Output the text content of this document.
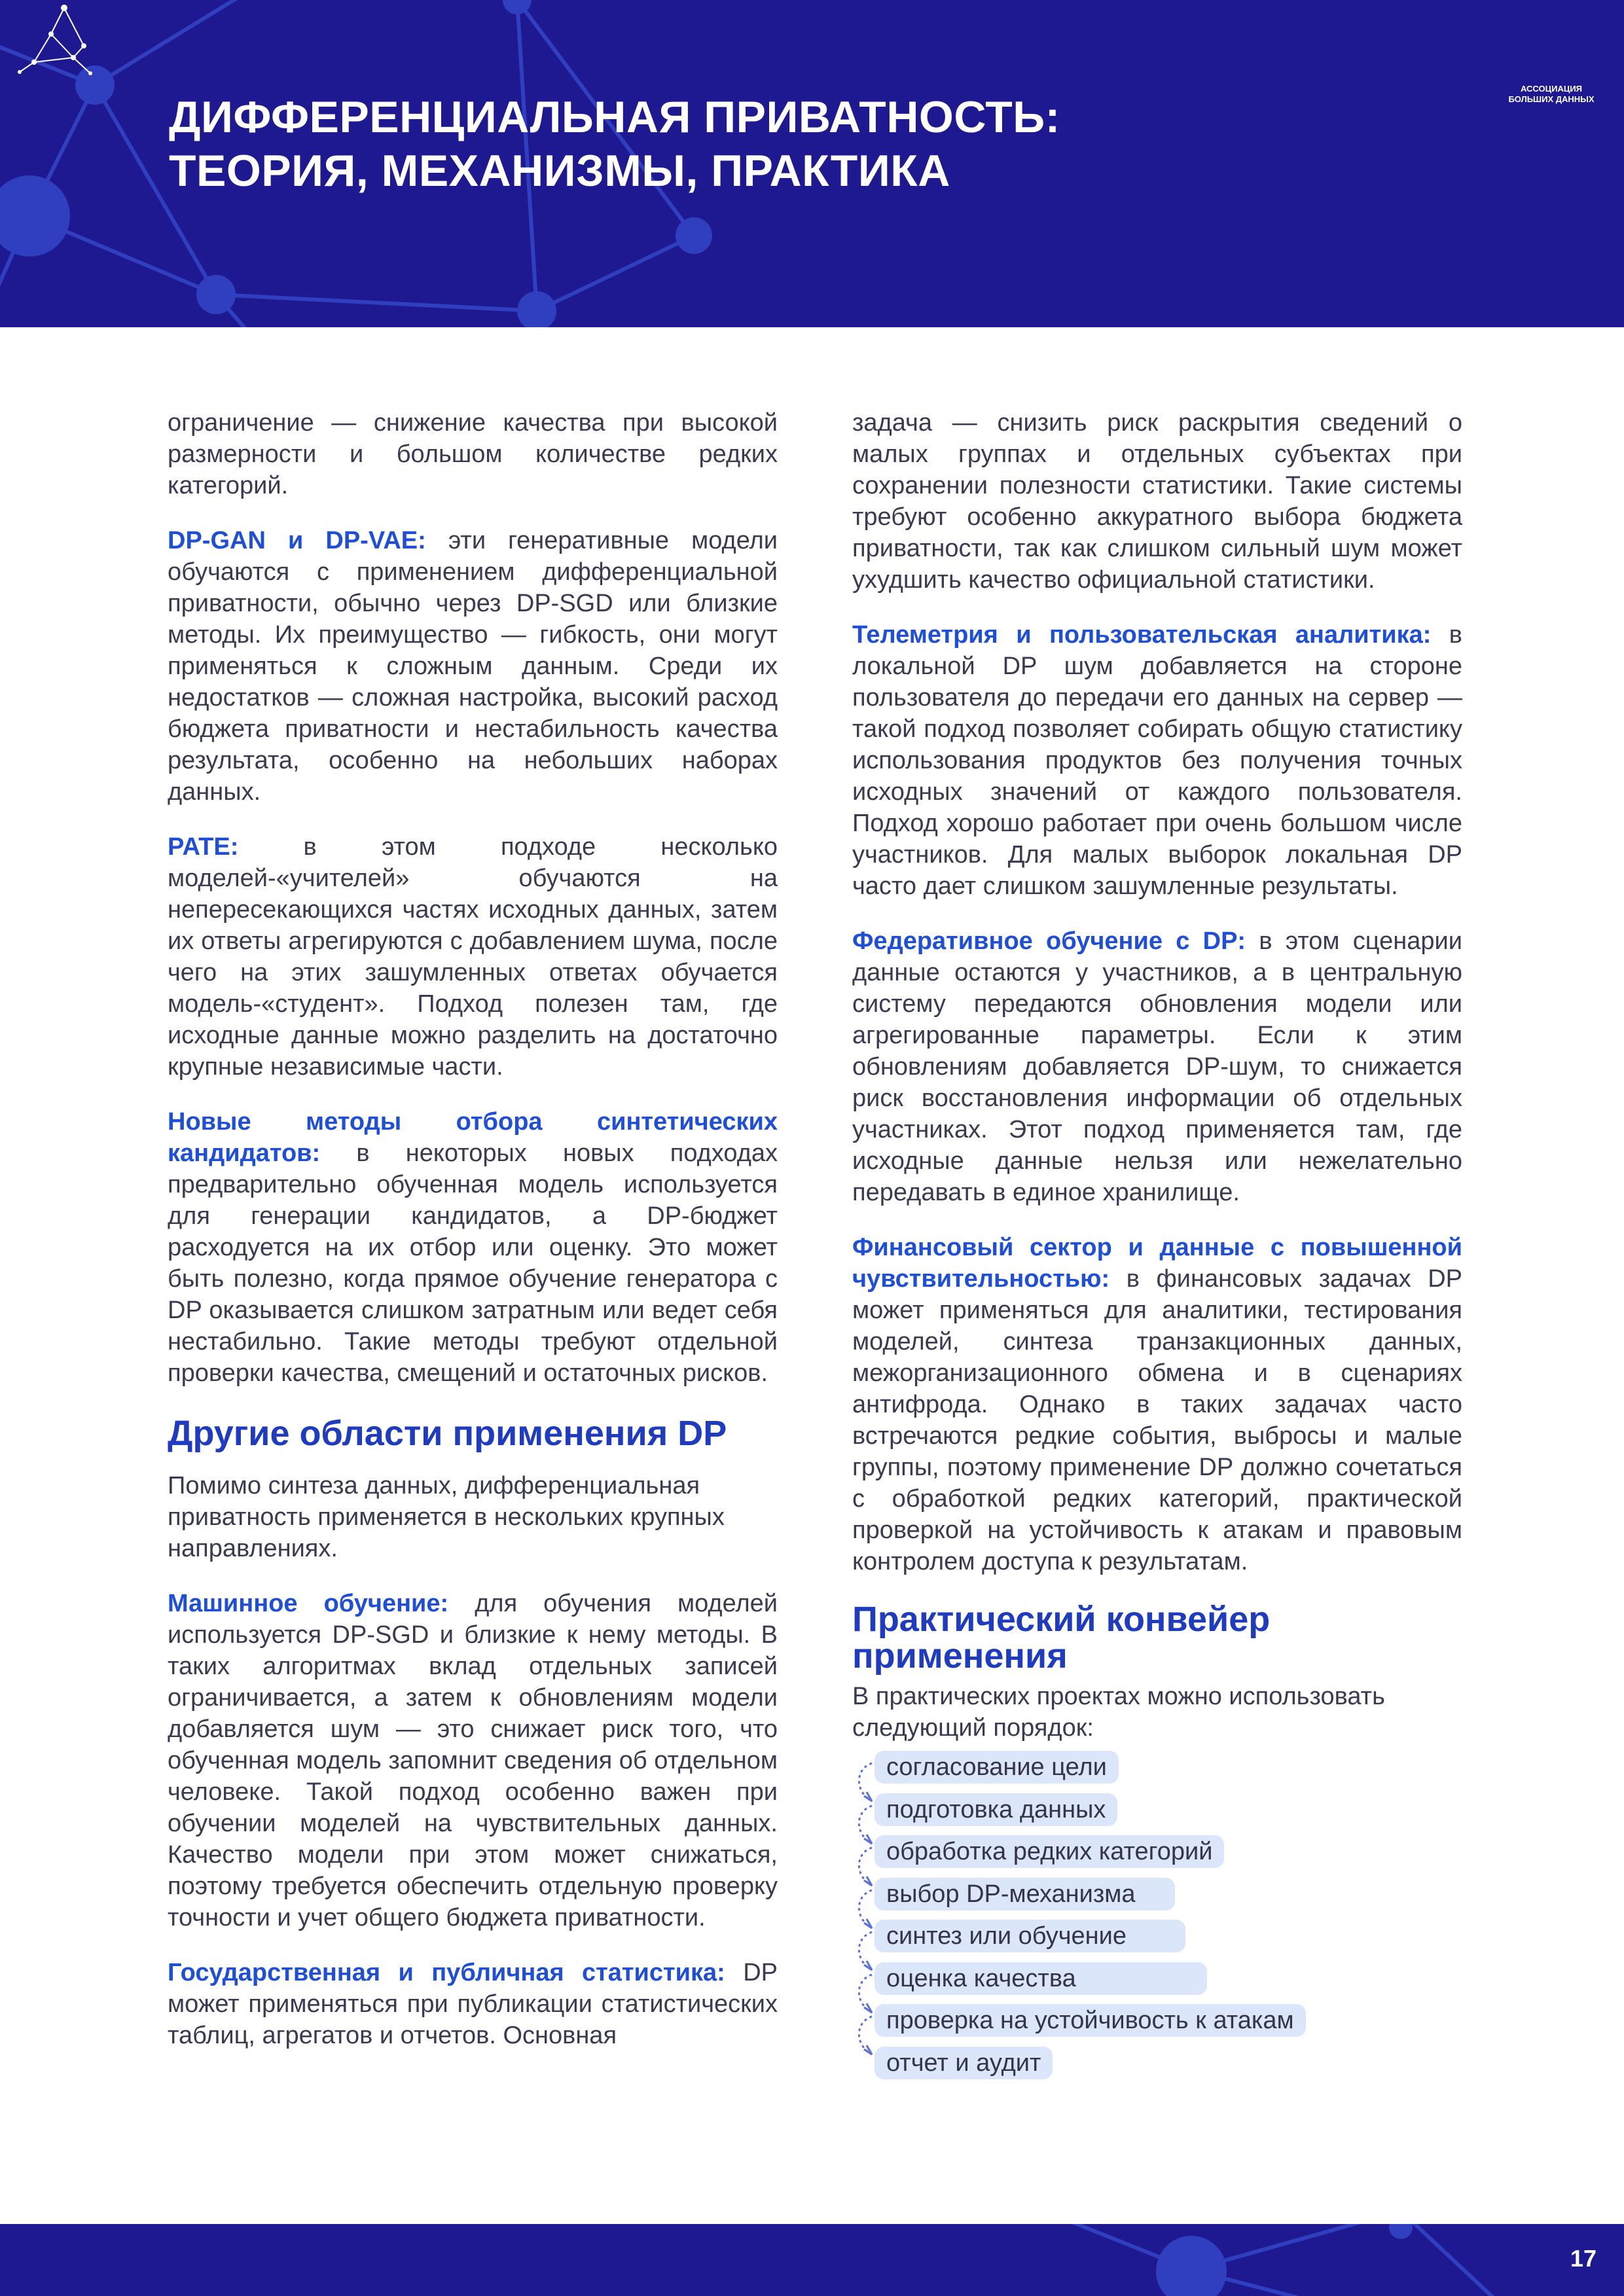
ДИФФЕРЕНЦИАЛЬНАЯ ПРИВАТНОСТЬ:
ТЕОРИЯ, МЕХАНИЗМЫ, ПРАКТИКА
АССОЦИАЦИЯ
БОЛЬШИХ ДАННЫХ

ограничение — снижение качества при высокой размерности и большом количестве редких категорий.

DP-GAN и DP-VAE: эти генеративные модели обучаются с применением дифференциальной приватности, обычно через DP-SGD или близкие методы. Их преимущество — гибкость, они могут применяться к сложным данным. Среди их недостатков — сложная настройка, высокий расход бюджета приватности и нестабильность качества результата, особенно на небольших наборах данных.

PATE: в этом подходе несколько моделей-«учителей» обучаются на непересекающихся частях исходных данных, затем их ответы агрегируются с добавлением шума, после чего на этих зашумленных ответах обучается модель-«студент». Подход полезен там, где исходные данные можно разделить на достаточно крупные независимые части.

Новые методы отбора синтетических кандидатов: в некоторых новых подходах предварительно обученная модель используется для генерации кандидатов, а DP-бюджет расходуется на их отбор или оценку. Это может быть полезно, когда прямое обучение генератора с DP оказывается слишком затратным или ведет себя нестабильно. Такие методы требуют отдельной проверки качества, смещений и остаточных рисков.

Другие области применения DP

Помимо синтеза данных, дифференциальная приватность применяется в нескольких крупных направлениях.

Машинное обучение: для обучения моделей используется DP-SGD и близкие к нему методы. В таких алгоритмах вклад отдельных записей ограничивается, а затем к обновлениям модели добавляется шум — это снижает риск того, что обученная модель запомнит сведения об отдельном человеке. Такой подход особенно важен при обучении моделей на чувствительных данных. Качество модели при этом может снижаться, поэтому требуется обеспечить отдельную проверку точности и учет общего бюджета приватности.

Государственная и публичная статистика: DP может применяться при публикации статистических таблиц, агрегатов и отчетов. Основная

задача — снизить риск раскрытия сведений о малых группах и отдельных субъектах при сохранении полезности статистики. Такие системы требуют особенно аккуратного выбора бюджета приватности, так как слишком сильный шум может ухудшить качество официальной статистики.

Телеметрия и пользовательская аналитика: в локальной DP шум добавляется на стороне пользователя до передачи его данных на сервер — такой подход позволяет собирать общую статистику использования продуктов без получения точных исходных значений от каждого пользователя. Подход хорошо работает при очень большом числе участников. Для малых выборок локальная DP часто дает слишком зашумленные результаты.

Федеративное обучение с DP: в этом сценарии данные остаются у участников, а в центральную систему передаются обновления модели или агрегированные параметры. Если к этим обновлениям добавляется DP-шум, то снижается риск восстановления информации об отдельных участниках. Этот подход применяется там, где исходные данные нельзя или нежелательно передавать в единое хранилище.

Финансовый сектор и данные с повышенной чувствительностью: в финансовых задачах DP может применяться для аналитики, тестирования моделей, синтеза транзакционных данных, межорганизационного обмена и в сценариях антифрода. Однако в таких задачах часто встречаются редкие события, выбросы и малые группы, поэтому применение DP должно сочетаться с обработкой редких категорий, практической проверкой на устойчивость к атакам и правовым контролем доступа к результатам.

Практический конвейер применения

В практических проектах можно использовать следующий порядок:

согласование цели
подготовка данных
обработка редких категорий
выбор DP-механизма
синтез или обучение
оценка качества
проверка на устойчивость к атакам
отчет и аудит
17
